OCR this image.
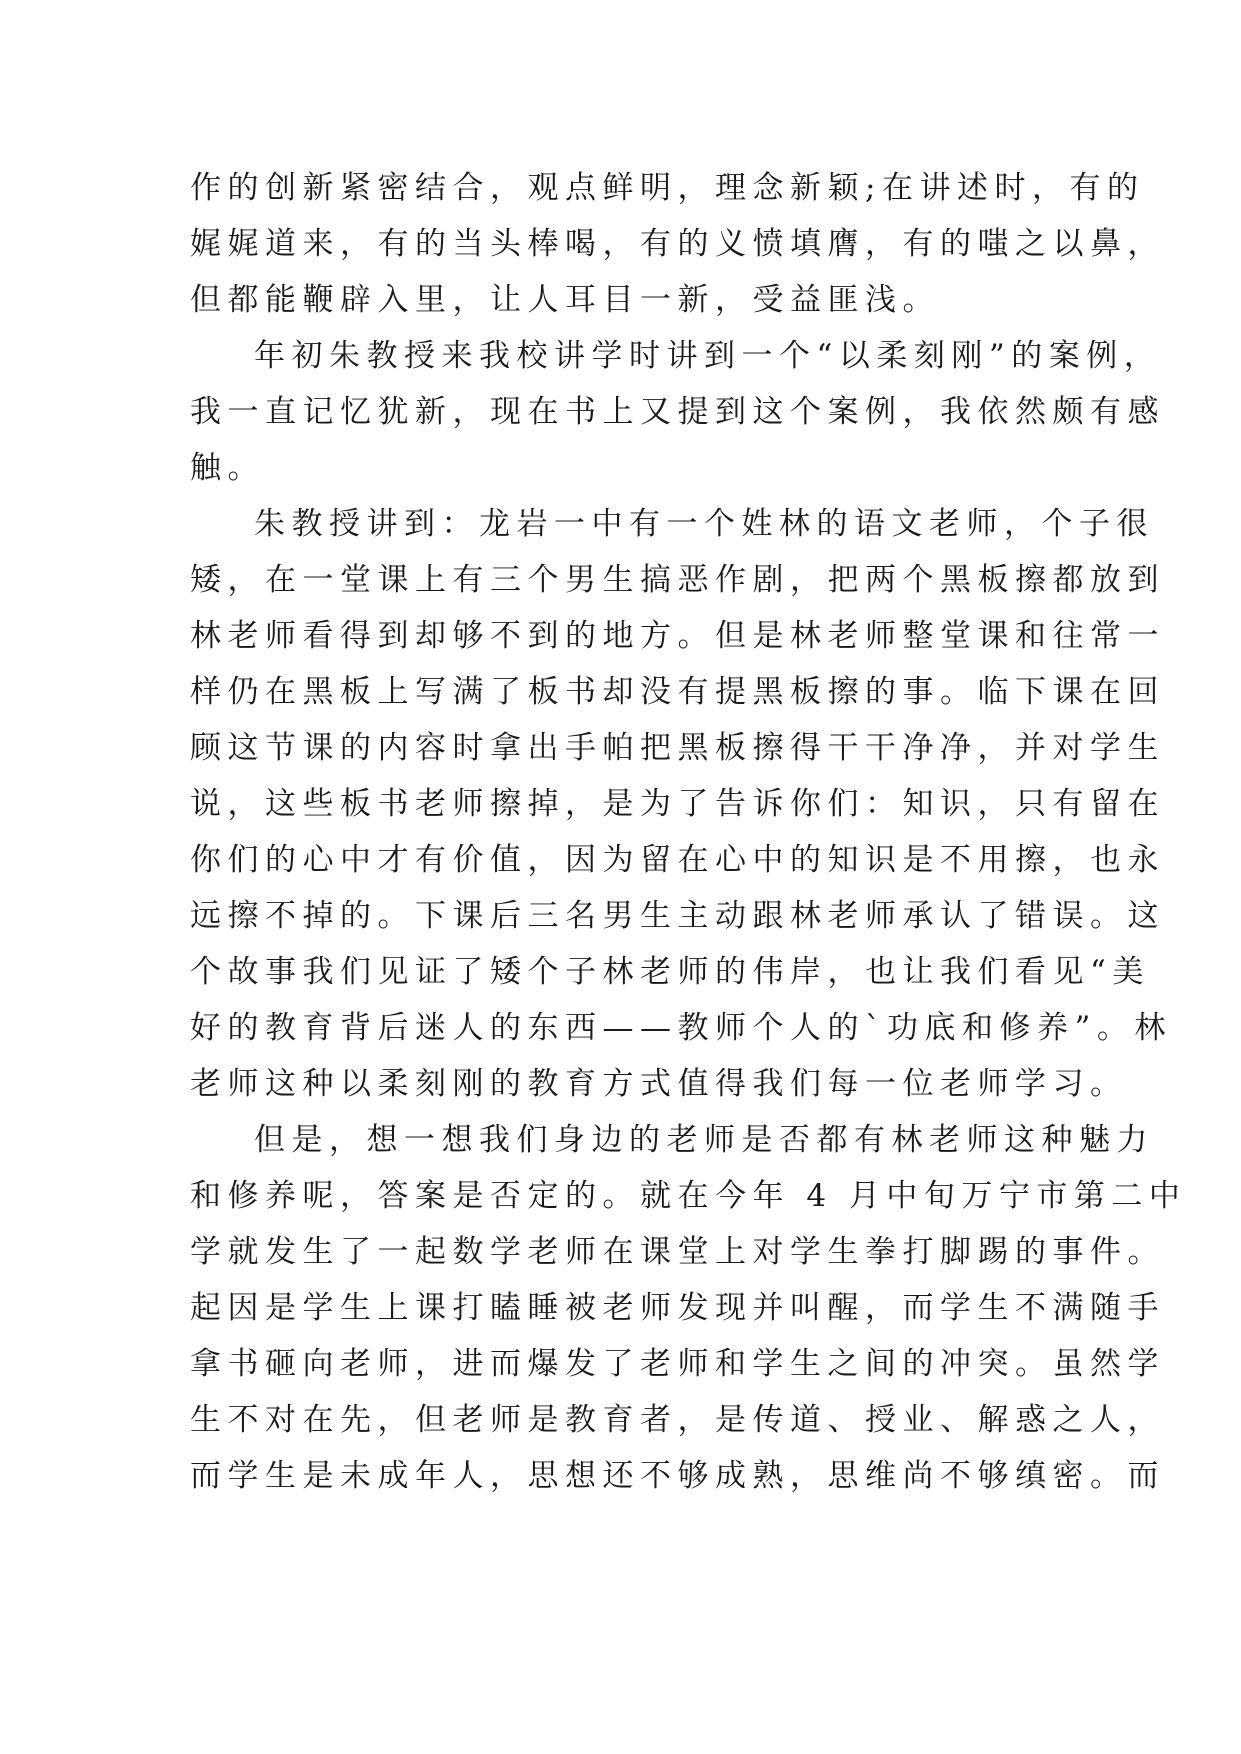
作的创新紧密结合，观点鲜明，理念新颖;在讲述时，有的
娓娓道来，有的当头棒喝，有的义愤填膺，有的嗤之以鼻，
但都能鞭辟入里，让人耳目一新，受益匪浅。
年初朱教授来我校讲学时讲到一个“以柔刻刚”的案例，
我一直记忆犹新，现在书上又提到这个案例，我依然颇有感
触。
朱教授讲到：龙岩一中有一个姓林的语文老师，个子很
矮，在一堂课上有三个男生搞恶作剧，把两个黑板擦都放到
林老师看得到却够不到的地方。但是林老师整堂课和往常一
样仍在黑板上写满了板书却没有提黑板擦的事。临下课在回
顾这节课的内容时拿出手帕把黑板擦得干干净净，并对学生
说，这些板书老师擦掉，是为了告诉你们：知识，只有留在
你们的心中才有价值，因为留在心中的知识是不用擦，也永
远擦不掉的。下课后三名男生主动跟林老师承认了错误。这
个故事我们见证了矮个子林老师的伟岸，也让我们看见“美
好的教育背后迷人的东西——教师个人的`功底和修养”。林
老师这种以柔刻刚的教育方式值得我们每一位老师学习。
但是，想一想我们身边的老师是否都有林老师这种魅力
和修养呢，答案是否定的。就在今年 4 月中旬万宁市第二中
学就发生了一起数学老师在课堂上对学生拳打脚踢的事件。
起因是学生上课打瞌睡被老师发现并叫醒，而学生不满随手
拿书砸向老师，进而爆发了老师和学生之间的冲突。虽然学
生不对在先，但老师是教育者，是传道、授业、解惑之人，
而学生是未成年人，思想还不够成熟，思维尚不够缜密。而
